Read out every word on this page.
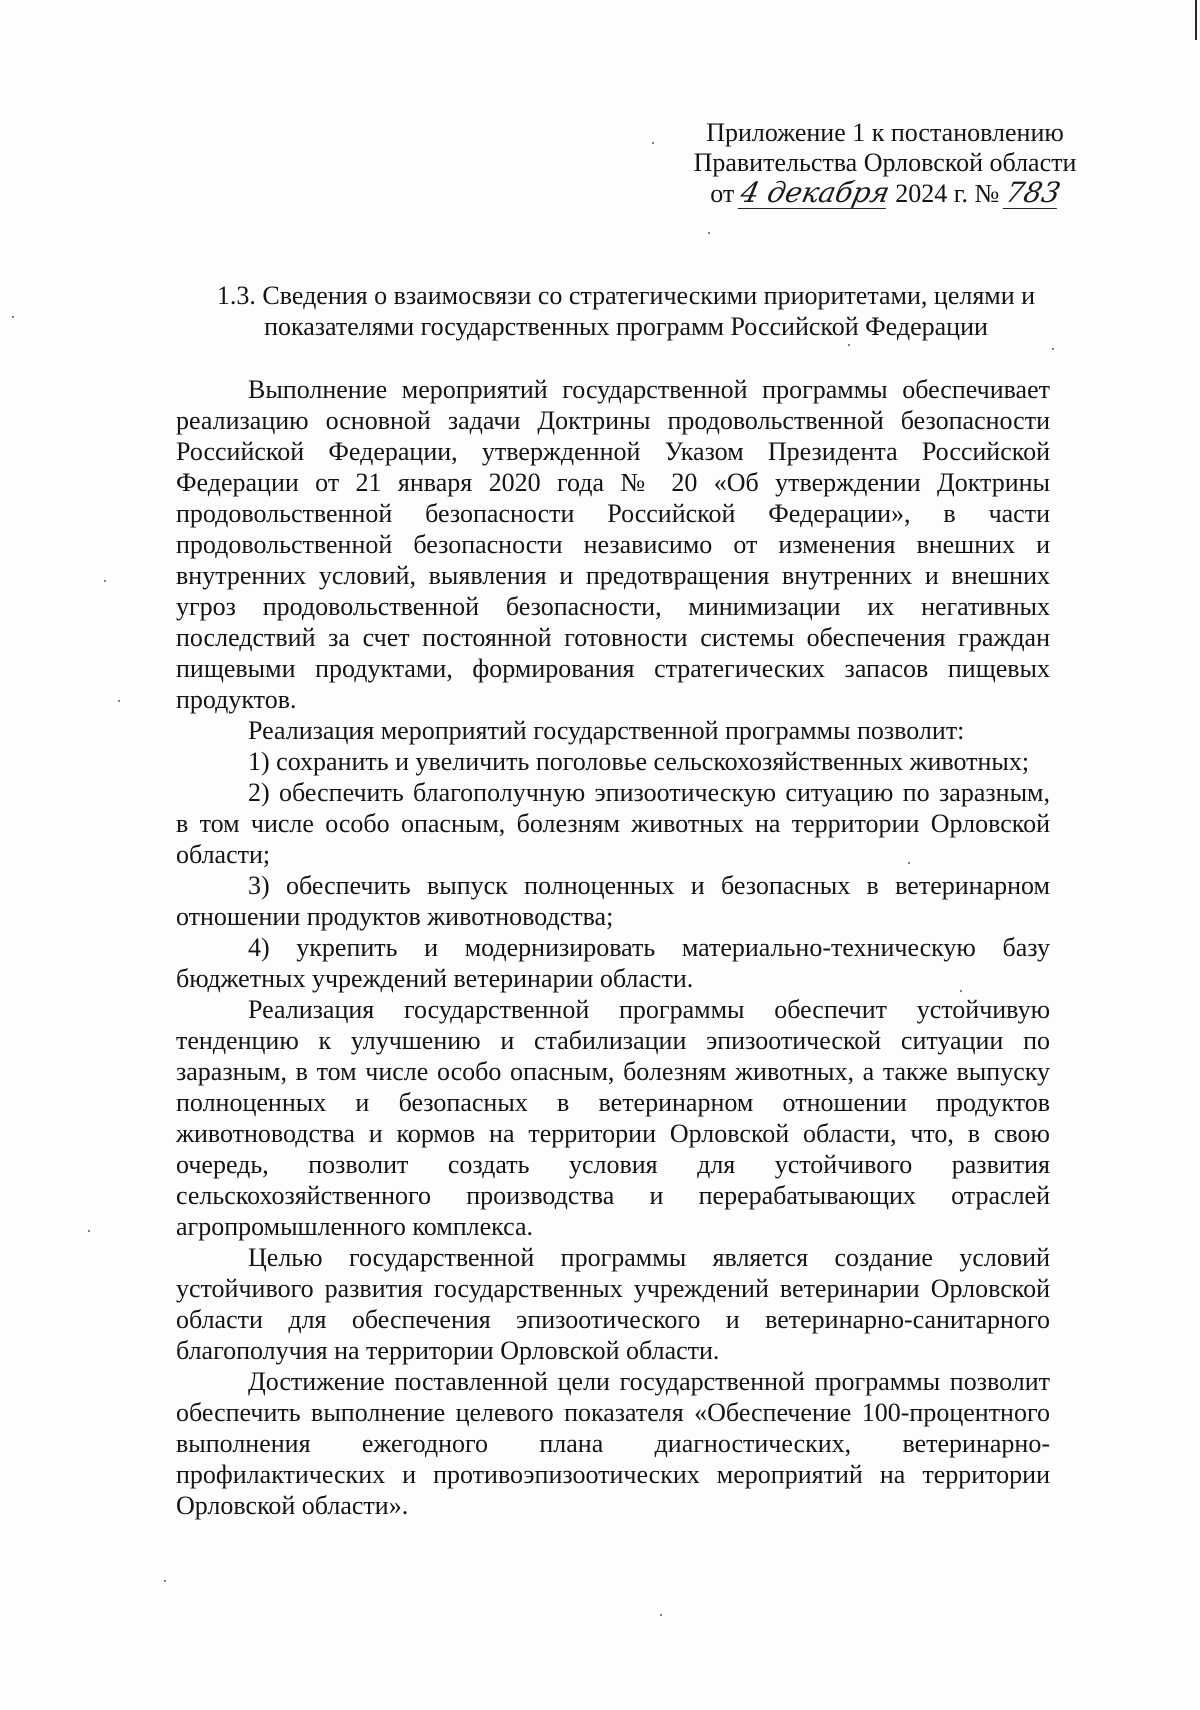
Приложение 1 к постановлению
Правительства Орловской области
от 4 декабря 2024 г. № 783
1.3. Сведения о взаимосвязи со стратегическими приоритетами, целями и показателями государственных программ Российской Федерации

Выполнение мероприятий государственной программы обеспечивает реализацию основной задачи Доктрины продовольственной безопасности Российской Федерации, утвержденной Указом Президента Российской Федерации от 21 января 2020 года № 20 «Об утверждении Доктрины продовольственной безопасности Российской Федерации», в части продовольственной безопасности независимо от изменения внешних и внутренних условий, выявления и предотвращения внутренних и внешних угроз продовольственной безопасности, минимизации их негативных последствий за счет постоянной готовности системы обеспечения граждан пищевыми продуктами, формирования стратегических запасов пищевых продуктов.

Реализация мероприятий государственной программы позволит:

1) сохранить и увеличить поголовье сельскохозяйственных животных;

2) обеспечить благополучную эпизоотическую ситуацию по заразным, в том числе особо опасным, болезням животных на территории Орловской области;

3) обеспечить выпуск полноценных и безопасных в ветеринарном отношении продуктов животноводства;

4) укрепить и модернизировать материально-техническую базу бюджетных учреждений ветеринарии области.

Реализация государственной программы обеспечит устойчивую тенденцию к улучшению и стабилизации эпизоотической ситуации по заразным, в том числе особо опасным, болезням животных, а также выпуску полноценных и безопасных в ветеринарном отношении продуктов животноводства и кормов на территории Орловской области, что, в свою очередь, позволит создать условия для устойчивого развития сельскохозяйственного производства и перерабатывающих отраслей агропромышленного комплекса.

Целью государственной программы является создание условий устойчивого развития государственных учреждений ветеринарии Орловской области для обеспечения эпизоотического и ветеринарно-санитарного благополучия на территории Орловской области.

Достижение поставленной цели государственной программы позволит обеспечить выполнение целевого показателя «Обеспечение 100-процентного выполнения ежегодного плана диагностических, ветеринарно-профилактических и противоэпизоотических мероприятий на территории Орловской области».
